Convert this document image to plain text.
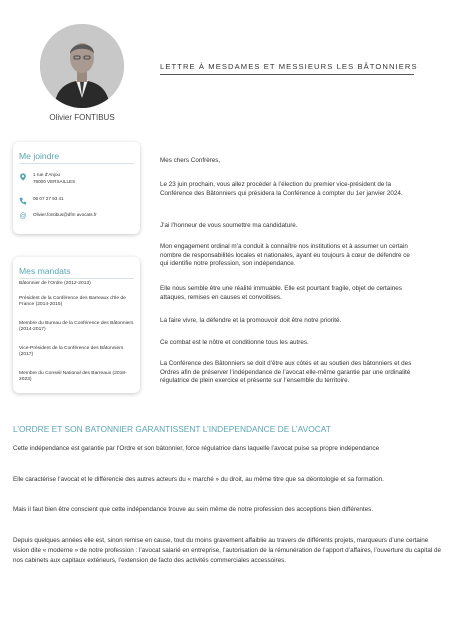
Olivier FONTIBUS
LETTRE À MESDAMES ET MESSIEURS LES BÂTONNIERS
Me joindre
1 rue d’Anjou
78000 VERSAILLES
06 07 27 93 41
@ Olivier.fontibus@dfm avocats.fr
Mes mandats
Bâtonnier de l’Ordre (2012-2013)
Président de la Conférence des Barreaux d’Ile de France (2014-2015)
Membre du Bureau de la Conférence des Bâtonniers (2014-2017)
Vice-Président de la Conférence des Bâtonniers (2017)
Membre du Conseil National des Barreaux (2018-2023)
Mes chers Confrères,
Le 23 juin prochain, vous allez procéder à l’élection du premier vice-président de la Conférence des Bâtonniers qui présidera la Conférence à compter du 1er janvier 2024.
J’ai l’honneur de vous soumettre ma candidature.
Mon engagement ordinal m’a conduit à connaître nos institutions et à assumer un certain nombre de responsabilités locales et nationales, ayant eu toujours à cœur de défendre ce qui identifie notre profession, son indépendance.
Elle nous semble être une réalité immuable. Elle est pourtant fragile, objet de certaines attaques, remises en causes et convoitises.
La faire vivre, la défendre et la promouvoir doit être notre priorité.
Ce combat est le nôtre et conditionne tous les autres.
La Conférence des Bâtonniers se doit d’être aux côtés et au soutien des bâtonniers et des Ordres afin de préserver l’indépendance de l’avocat elle-même garantie par une ordinalité régulatrice de plein exercice et présente sur l’ensemble du territoire.
L’ORDRE ET SON BATONNIER GARANTISSENT L’INDEPENDANCE DE L’AVOCAT
Cette indépendance est garantie par l’Ordre et son bâtonnier, force régulatrice dans laquelle l’avocat puise sa propre indépendance
Elle caractérise l’avocat et le différencie des autres acteurs du « marché » du droit, au même titre que sa déontologie et sa formation.
Mais il faut bien être conscient que cette indépendance trouve au sein même de notre profession des acceptions bien différentes.
Depuis quelques années elle est, sinon remise en cause, tout du moins gravement affaiblie au travers de différents projets, marqueurs d’une certaine vision dite « moderne » de notre profession : l’avocat salarié en entreprise, l’autorisation de la rémunération de l’apport d’affaires, l’ouverture du capital de nos cabinets aux capitaux extérieurs, l’extension de facto des activités commerciales accessoires.
